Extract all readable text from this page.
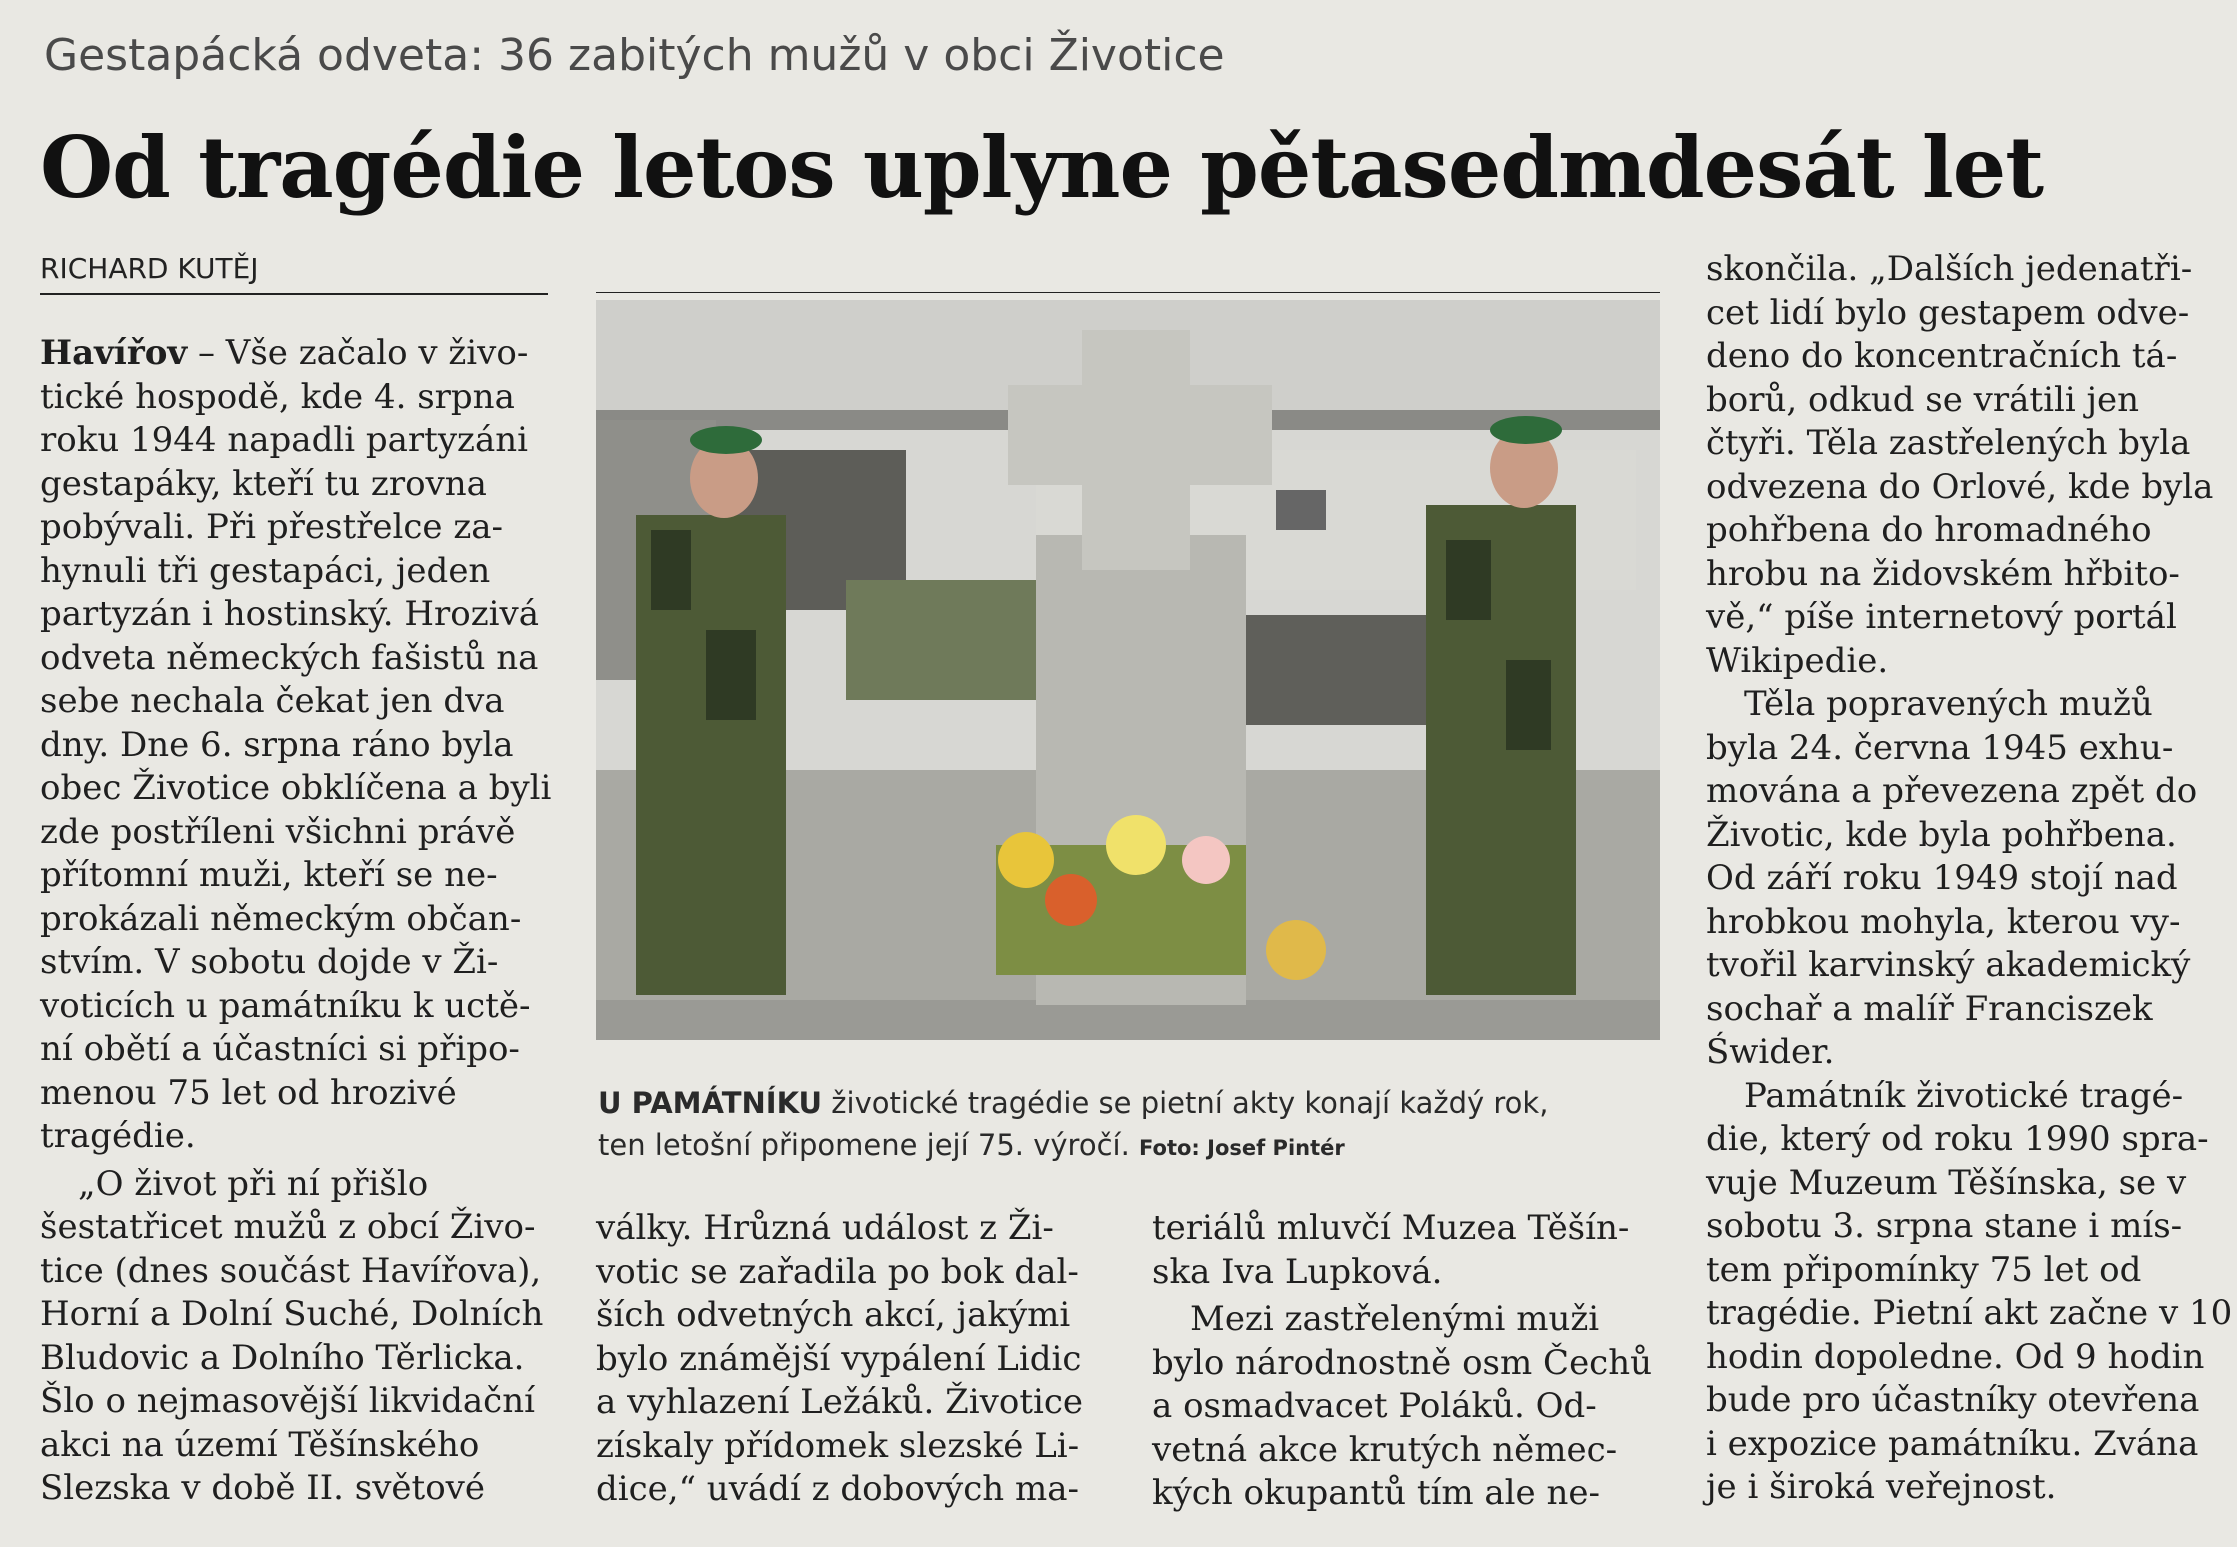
Gestapácká odveta: 36 zabitých mužů v obci Životice
Od tragédie letos uplyne pětasedmdesát let
RICHARD KUTĚJ

Havířov – Vše začalo v živo-
tické hospodě, kde 4. srpna
roku 1944 napadli partyzáni
gestapáky, kteří tu zrovna
pobývali. Při přestřelce za-
hynuli tři gestapáci, jeden
partyzán i hostinský. Hrozivá
odveta německých fašistů na
sebe nechala čekat jen dva
dny. Dne 6. srpna ráno byla
obec Životice obklíčena a byli
zde postříleni všichni právě
přítomní muži, kteří se ne-
prokázali německým občan-
stvím. V sobotu dojde v Ži-
voticích u památníku k uctě-
ní obětí a účastníci si připo-
menou 75 let od hrozivé
tragédie.

„O život při ní přišlo
šestatřicet mužů z obcí Živo-
tice (dnes součást Havířova),
Horní a Dolní Suché, Dolních
Bludovic a Dolního Těrlicka.
Šlo o nejmasovější likvidační
akci na území Těšínského
Slezska v době II. světové

U PAMÁTNÍKU životické tragédie se pietní akty konají každý rok,
ten letošní připomene její 75. výročí. Foto: Josef Pintér

války. Hrůzná událost z Ži-
votic se zařadila po bok dal-
ších odvetných akcí, jakými
bylo známější vypálení Lidic
a vyhlazení Ležáků. Životice
získaly přídomek slezské Li-
dice,“ uvádí z dobových ma-

teriálů mluvčí Muzea Těšín-
ska Iva Lupková.

Mezi zastřelenými muži
bylo národnostně osm Čechů
a osmadvacet Poláků. Od-
vetná akce krutých němec-
kých okupantů tím ale ne-

skončila. „Dalších jedenatři-
cet lidí bylo gestapem odve-
deno do koncentračních tá-
borů, odkud se vrátili jen
čtyři. Těla zastřelených byla
odvezena do Orlové, kde byla
pohřbena do hromadného
hrobu na židovském hřbito-
vě,“ píše internetový portál
Wikipedie.

Těla popravených mužů
byla 24. června 1945 exhu-
mována a převezena zpět do
Životic, kde byla pohřbena.
Od září roku 1949 stojí nad
hrobkou mohyla, kterou vy-
tvořil karvinský akademický
sochař a malíř Franciszek
Świder.

Památník životické tragé-
die, který od roku 1990 spra-
vuje Muzeum Těšínska, se v
sobotu 3. srpna stane i mís-
tem připomínky 75 let od
tragédie. Pietní akt začne v 10
hodin dopoledne. Od 9 hodin
bude pro účastníky otevřena
i expozice památníku. Zvána
je i široká veřejnost.
